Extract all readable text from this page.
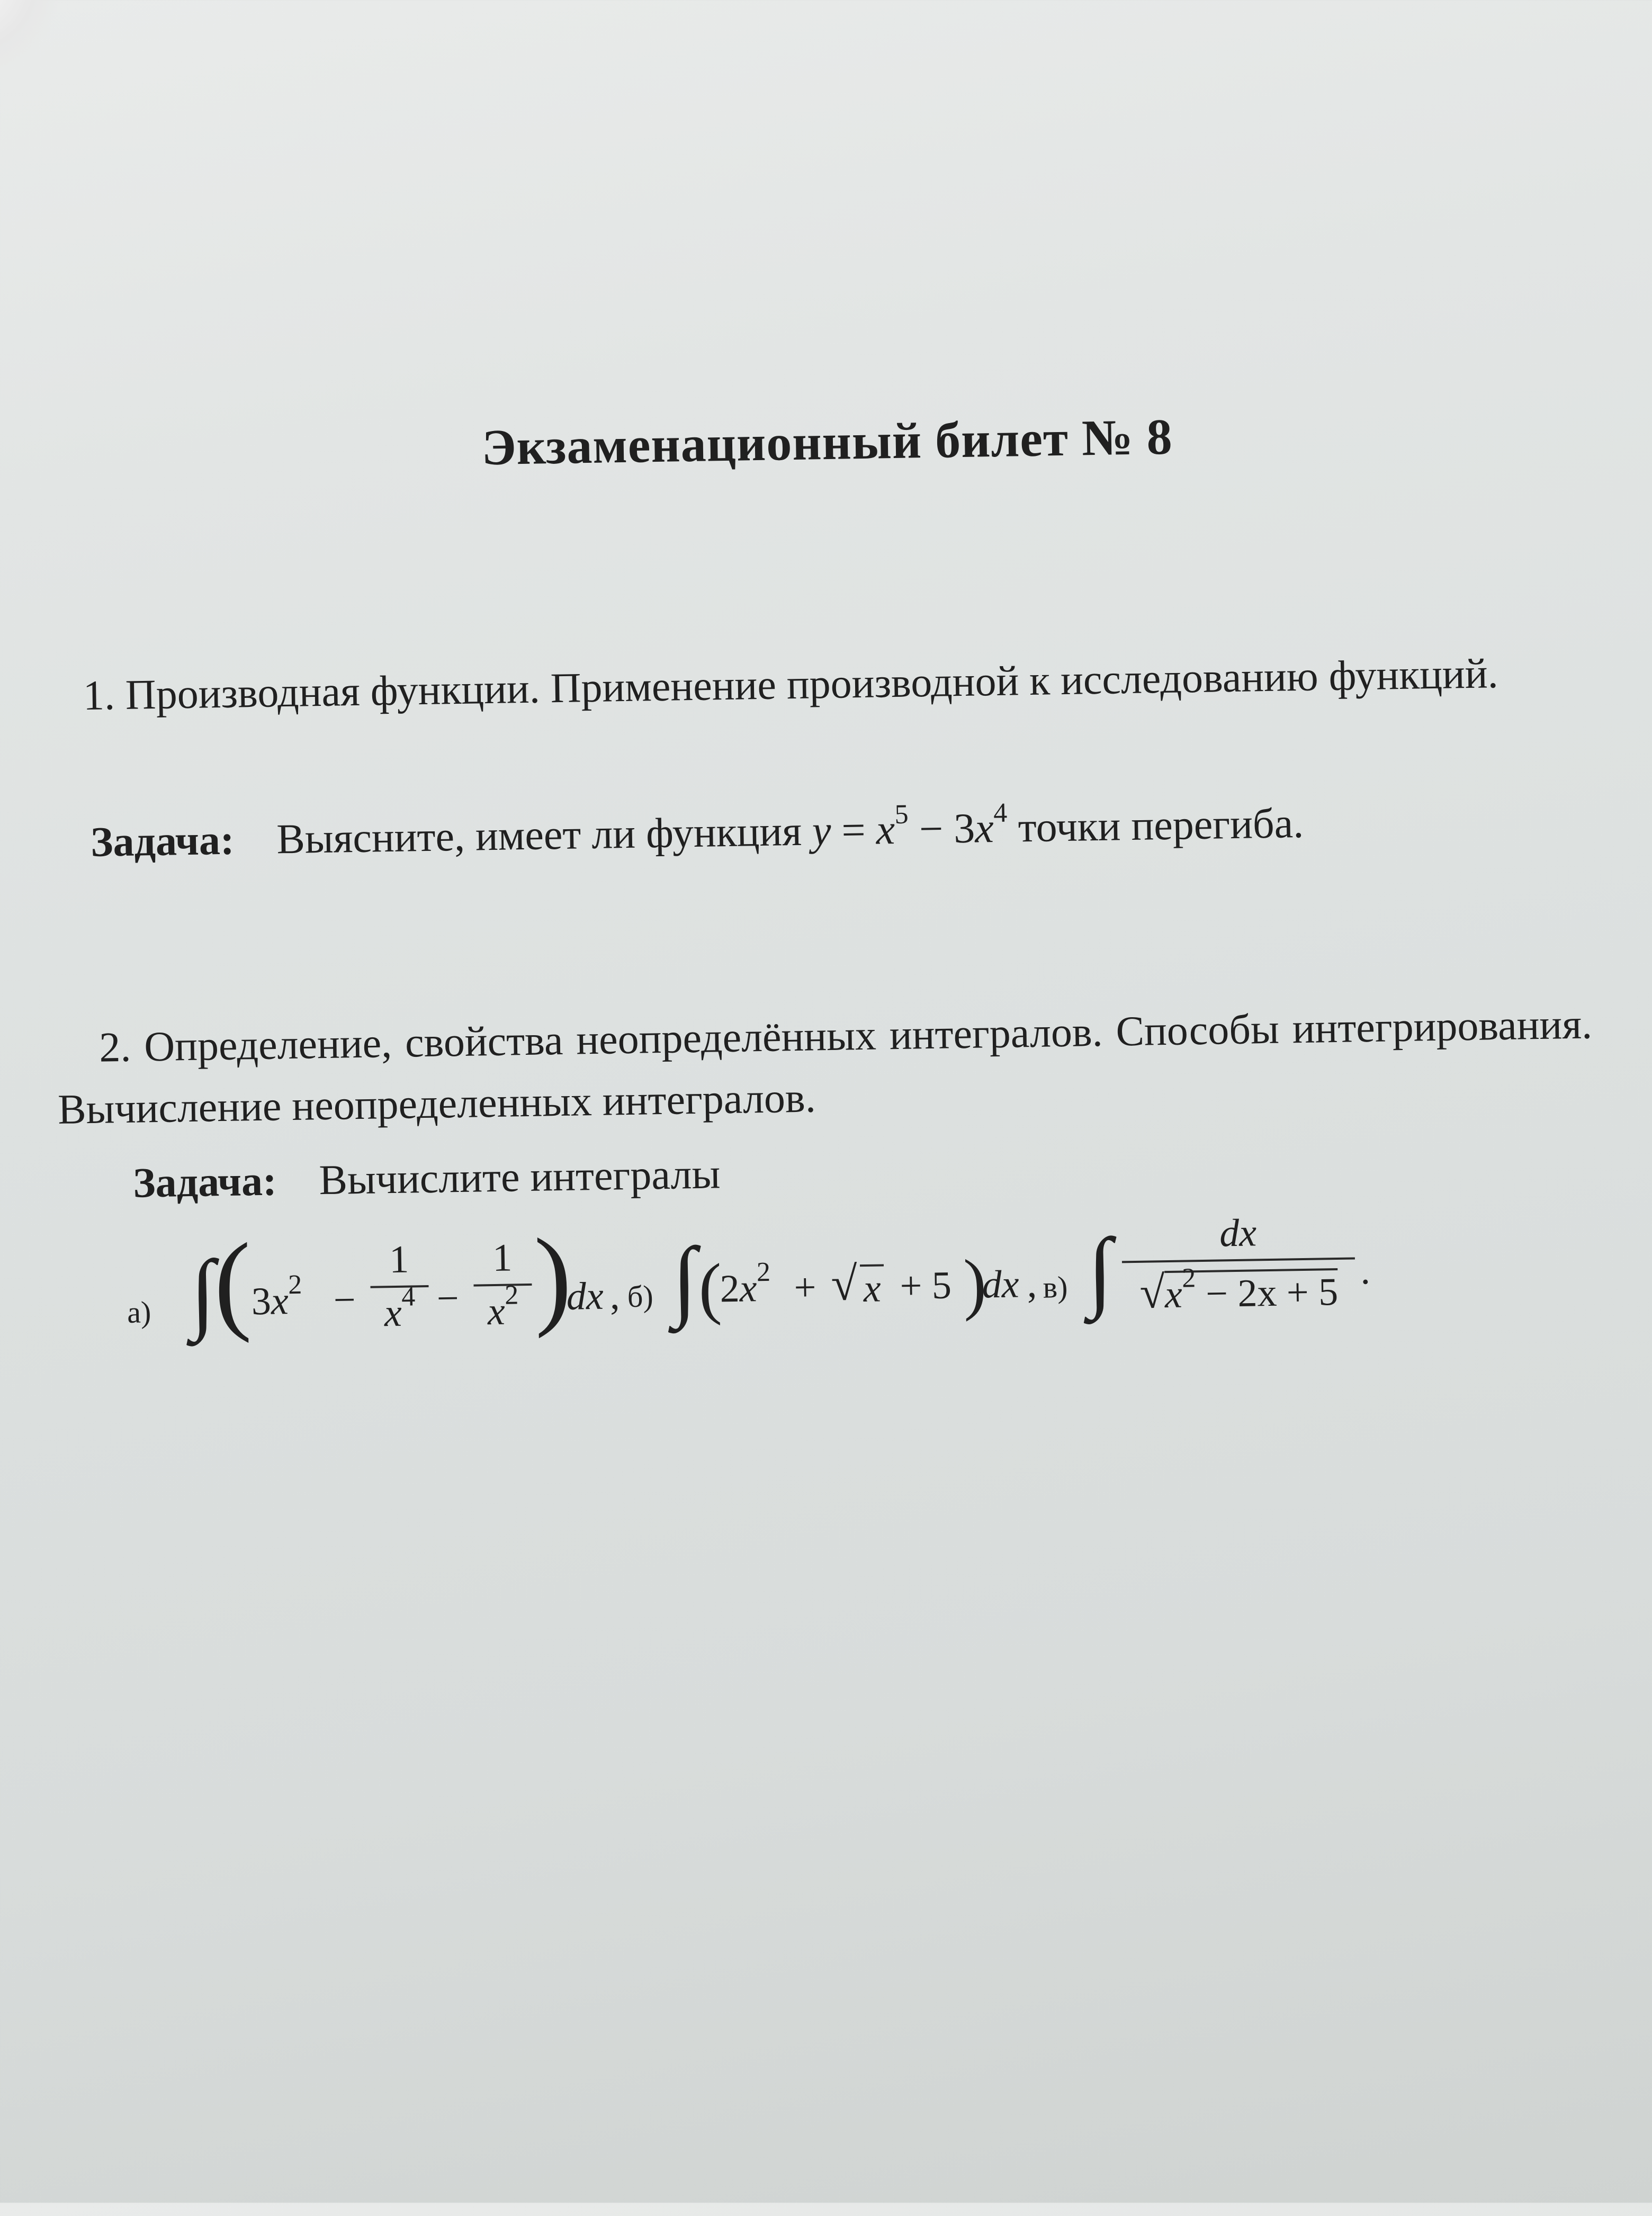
Экзаменационный билет № 8
1. Производная функции. Применение производной к исследованию функций.
Задача: Выясните, имеет ли функция $y = x^5 - 3x^4$ точки перегиба.
2. Определение, свойства неопределённых интегралов. Способы интегрирования. Вычисление неопределенных интегралов.
Задача: Вычислите интегралы
а) ∫
(
$3x^2$ −
1
$x^4$ −
1
$x^2$ )
dx , б) ∫ (
$2x^2$ + √ x + 5 )
dx , в) ∫	dx
$√x^2 - 2x + 5$ .
